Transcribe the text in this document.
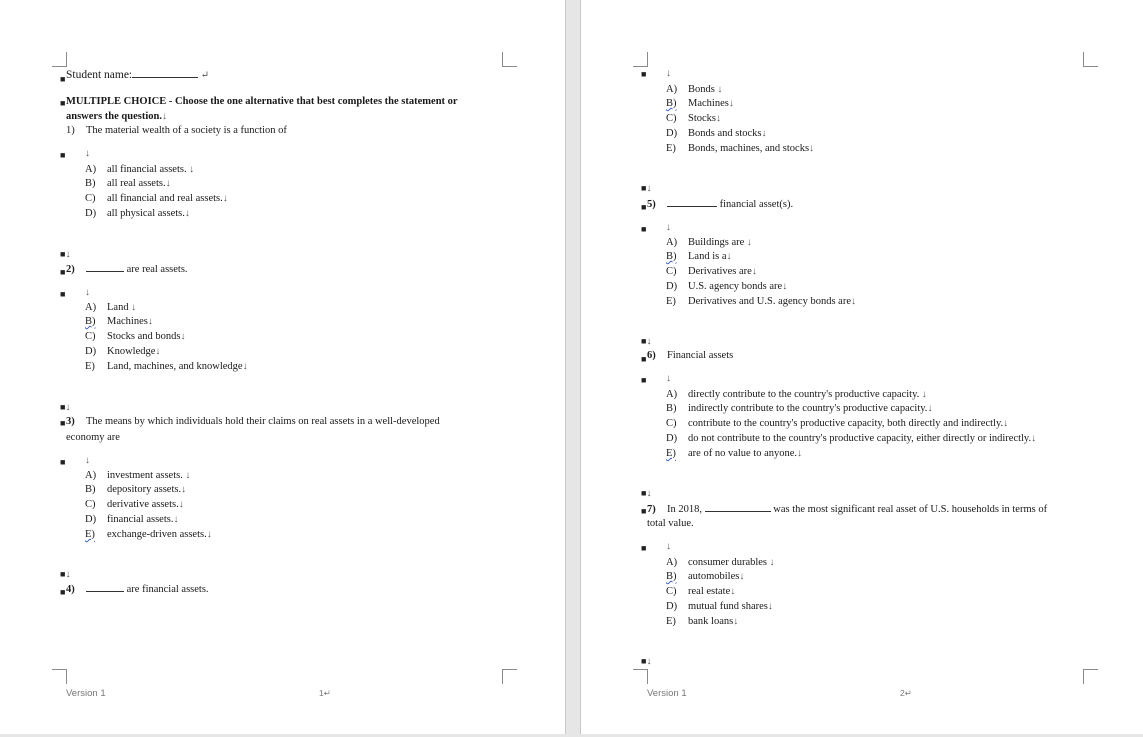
■ Student name:	↵
■ MULTIPLE CHOICE - Choose the one alternative that best completes the statement or
answers the question.↓
1) The material wealth of a society is a function of
■ ↓
A) all financial assets. ↓
B) all real assets.↓
C) all financial and real assets.↓
D) all physical assets.↓
■↓
■ 2)	are real assets.
■ ↓
A) Land ↓
B) Machines↓
C) Stocks and bonds↓
D) Knowledge↓
E) Land, machines, and knowledge↓
■↓
■ 3) The means by which individuals hold their claims on real assets in a well-developed
economy are
■ ↓
A) investment assets. ↓
B) depository assets.↓
C) derivative assets.↓
D) financial assets.↓
E) exchange-driven assets.↓
■↓
■ 4)	are financial assets.
Version 1	1↵
■ ↓
A) Bonds ↓
B) Machines↓
C) Stocks↓
D) Bonds and stocks↓
E) Bonds, machines, and stocks↓
■↓
■ 5)	financial asset(s).
■ ↓
A) Buildings are ↓
B) Land is a↓
C) Derivatives are↓
D) U.S. agency bonds are↓
E) Derivatives and U.S. agency bonds are↓
■↓
■ 6) Financial assets
■ ↓
A) directly contribute to the country's productive capacity. ↓
B) indirectly contribute to the country's productive capacity.↓
C) contribute to the country's productive capacity, both directly and indirectly.↓
D) do not contribute to the country's productive capacity, either directly or indirectly.↓
E) are of no value to anyone.↓
■↓
■ 7) In 2018,	was the most significant real asset of U.S. households in terms of
total value.
■ ↓
A) consumer durables ↓
B) automobiles↓
C) real estate↓
D) mutual fund shares↓
E) bank loans↓
■↓
Version 1	2↵
